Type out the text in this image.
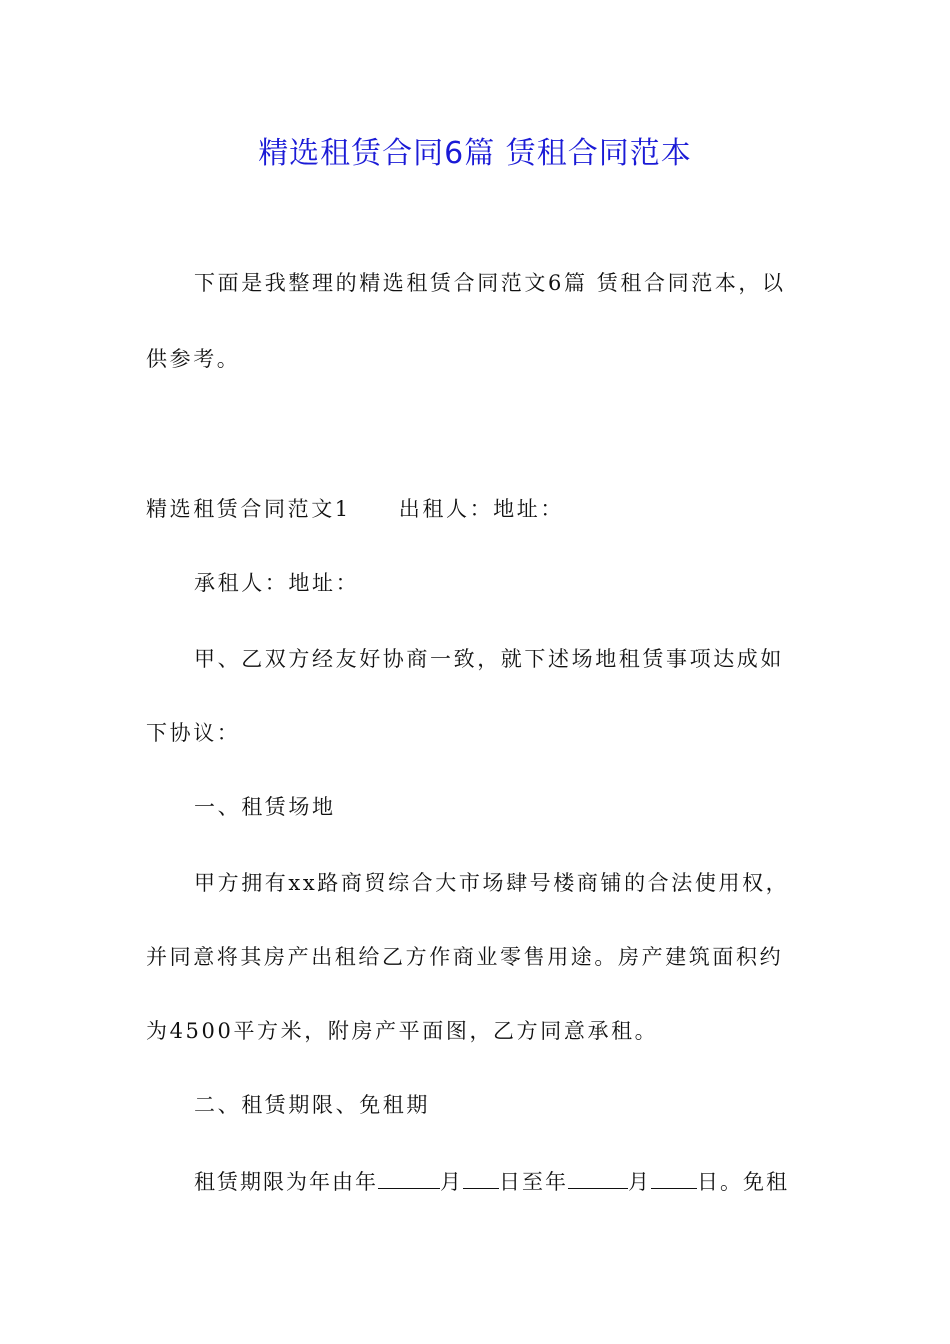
精选租赁合同6篇 赁租合同范本
下面是我整理的精选租赁合同范文6篇 赁租合同范本，以
供参考。
精选租赁合同范文1 出租人：地址：
承租人：地址：
甲、乙双方经友好协商一致，就下述场地租赁事项达成如
下协议：
一、租赁场地
甲方拥有xx路商贸综合大市场肆号楼商铺的合法使用权，
并同意将其房产出租给乙方作商业零售用途。房产建筑面积约
为4500平方米，附房产平面图，乙方同意承租。
二、租赁期限、免租期
租赁期限为年由年	月 日至年	月 日。免租
